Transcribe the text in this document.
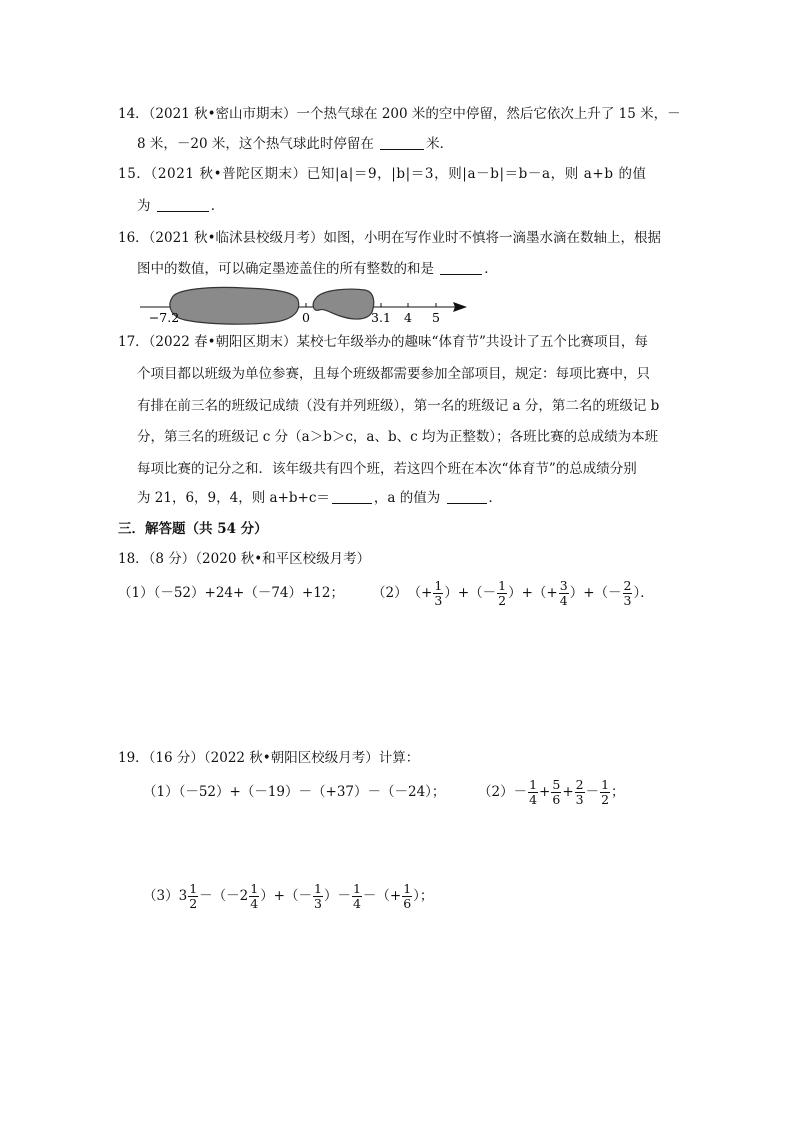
14．（2021 秋•密山市期末）一个热气球在 200 米的空中停留，然后它依次上升了 15 米，－
8 米，－20 米，这个热气球此时停留在	米．
15．（2021 秋•普陀区期末）已知|a|＝9，|b|＝3，则|a－b|＝b－a，则 a+b 的值
为	．
16．（2021 秋•临沭县校级月考）如图，小明在写作业时不慎将一滴墨水滴在数轴上，根据
图中的数值，可以确定墨迹盖住的所有整数的和是	．
−7.2	0	3.1 4 5
17．（2022 春•朝阳区期末）某校七年级举办的趣味“体育节”共设计了五个比赛项目，每
个项目都以班级为单位参赛，且每个班级都需要参加全部项目，规定：每项比赛中，只
有排在前三名的班级记成绩（没有并列班级），第一名的班级记 a 分，第二名的班级记 b
分，第三名的班级记 c 分（a＞b＞c，a、b、c 均为正整数）；各班比赛的总成绩为本班
每项比赛的记分之和．该年级共有四个班，若这四个班在本次“体育节”的总成绩分别
为 21，6，9，4，则 a+b+c＝	，a 的值为	．
三．解答题（共 54 分）
18．（8 分）（2020 秋•和平区校级月考）
（1）（－52）+24+（－74）+12； （2） （+ $\frac{1}{3}$ ）+（－ $\frac{1}{2}$ ）+（+ $\frac{3}{4}$ ）+（－ $\frac{2}{3}$ ）．
19．（16 分）（2022 秋•朝阳区校级月考）计算：
（1）（－52）+（－19）－（+37）－（－24）； $(2) - \frac{1}{4} + \frac{5}{6} + \frac{2}{3} - \frac{1}{2}$ ；
（3） $3 \frac{1}{2} -(-2 \frac{1}{4}$ ）+（－ $\frac{1}{3}$ ）－ $\frac{1}{4}$ －（+ $\frac{1}{6}$ ）；
